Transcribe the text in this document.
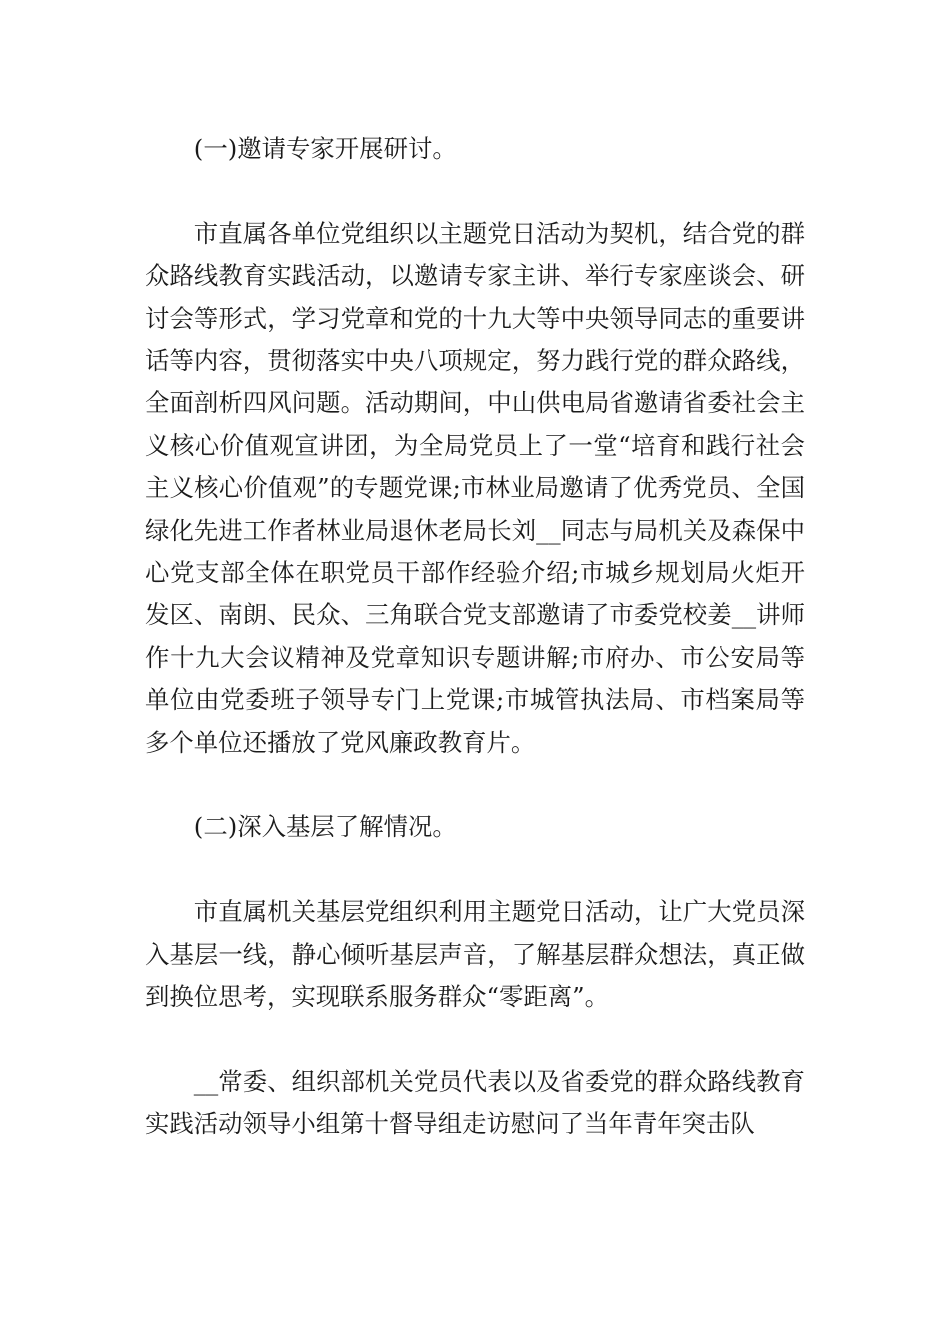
(一)邀请专家开展研讨。

市直属各单位党组织以主题党日活动为契机，结合党的群众路线教育实践活动，以邀请专家主讲、举行专家座谈会、研讨会等形式，学习党章和党的十九大等中央领导同志的重要讲话等内容，贯彻落实中央八项规定，努力践行党的群众路线，全面剖析四风问题。活动期间，中山供电局省邀请省委社会主义核心价值观宣讲团，为全局党员上了一堂“培育和践行社会主义核心价值观”的专题党课;市林业局邀请了优秀党员、全国绿化先进工作者林业局退休老局长刘__同志与局机关及森保中心党支部全体在职党员干部作经验介绍;市城乡规划局火炬开发区、南朗、民众、三角联合党支部邀请了市委党校姜__讲师作十九大会议精神及党章知识专题讲解;市府办、市公安局等单位由党委班子领导专门上党课;市城管执法局、市档案局等多个单位还播放了党风廉政教育片。

(二)深入基层了解情况。

市直属机关基层党组织利用主题党日活动，让广大党员深入基层一线，静心倾听基层声音，了解基层群众想法，真正做到换位思考，实现联系服务群众“零距离”。

__常委、组织部机关党员代表以及省委党的群众路线教育实践活动领导小组第十督导组走访慰问了当年青年突击队
